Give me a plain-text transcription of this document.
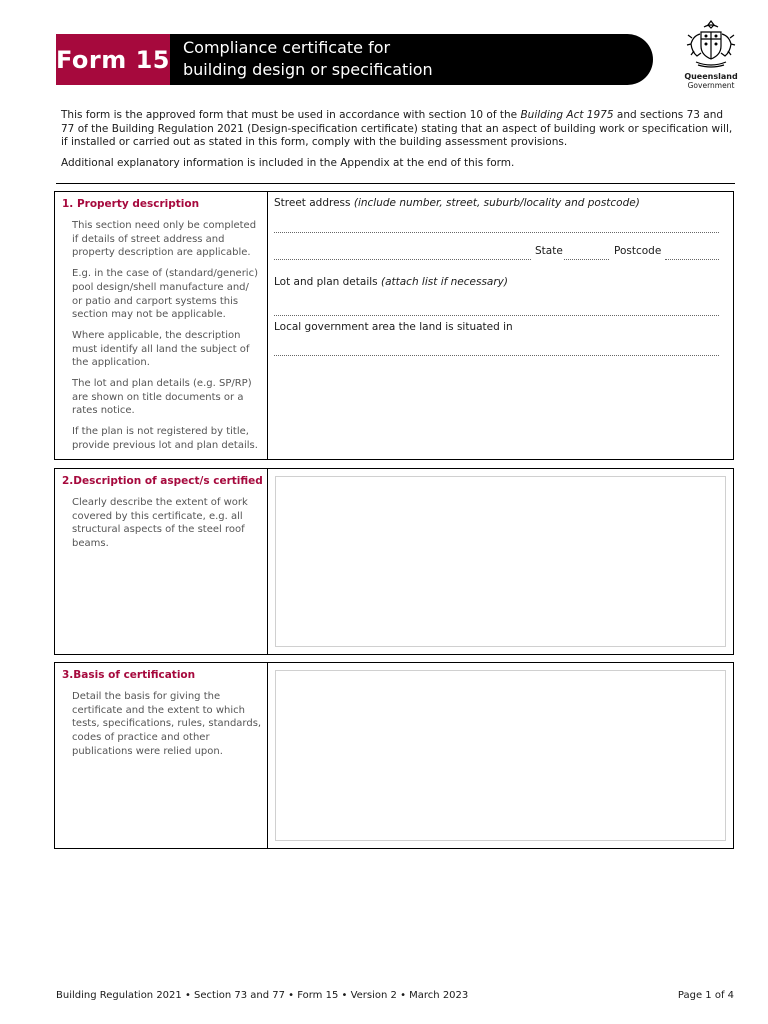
Form 15 Compliance certificate for
building design or specification	Queensland
Government

This form is the approved form that must be used in accordance with section 10 of the Building Act 1975 and sections 73 and 77 of the Building Regulation 2021 (Design-specification certificate) stating that an aspect of building work or specification will, if installed or carried out as stated in this form, comply with the building assessment provisions.

Additional explanatory information is included in the Appendix at the end of this form.

1. Property description

This section need only be completed if details of street address and property description are applicable.

E.g. in the case of (standard/generic) pool design/shell manufacture and/ or patio and carport systems this section may not be applicable.

Where applicable, the description must identify all land the subject of the application.

The lot and plan details (e.g. SP/RP) are shown on title documents or a rates notice.

If the plan is not registered by title, provide previous lot and plan details.

Street address (include number, street, suburb/locality and postcode)
State	Postcode
Lot and plan details (attach list if necessary)
Local government area the land is situated in
2.Description of aspect/s certified

Clearly describe the extent of work covered by this certificate, e.g. all structural aspects of the steel roof beams.

3.Basis of certification

Detail the basis for giving the certificate and the extent to which tests, specifications, rules, standards, codes of practice and other publications were relied upon.

Building Regulation 2021 • Section 73 and 77 • Form 15 • Version 2 • March 2023	Page 1 of 4
